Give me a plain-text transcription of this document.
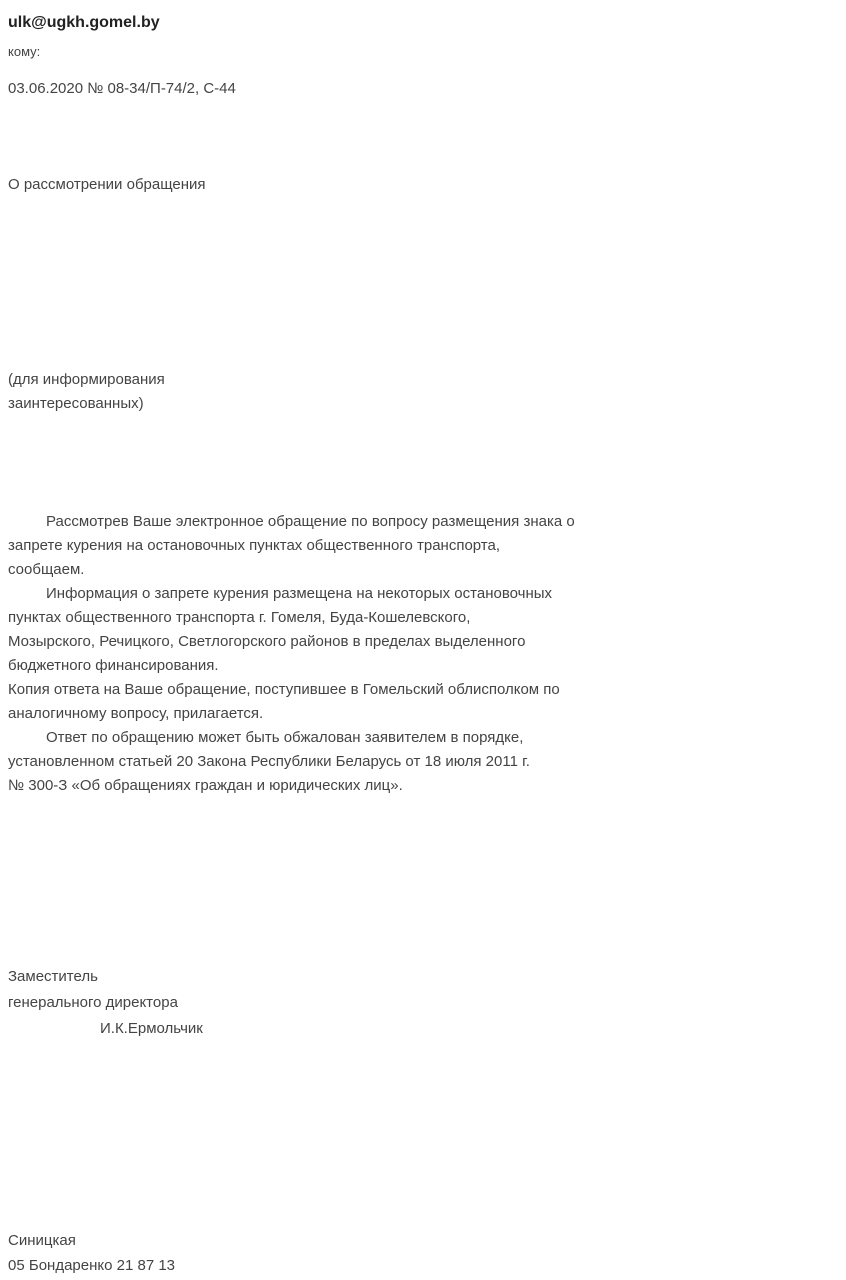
ulk@ugkh.gomel.by
кому:
03.06.2020 № 08-34/П-74/2, С-44
О рассмотрении обращения
(для информирования
заинтересованных)
Рассмотрев Ваше электронное обращение по вопросу размещения знака о
запрете курения на остановочных пунктах общественного транспорта,
сообщаем.
Информация о запрете курения размещена на некоторых остановочных
пунктах общественного транспорта г. Гомеля, Буда-Кошелевского,
Мозырского, Речицкого, Светлогорского районов в пределах выделенного
бюджетного финансирования.
Копия ответа на Ваше обращение, поступившее в Гомельский облисполком по
аналогичному вопросу, прилагается.
Ответ по обращению может быть обжалован заявителем в порядке,
установленном статьей 20 Закона Республики Беларусь от 18 июля 2011 г.
№ 300-З «Об обращениях граждан и юридических лиц».
Заместитель
генерального директора
И.К.Ермольчик
Синицкая
05 Бондаренко 21 87 13
